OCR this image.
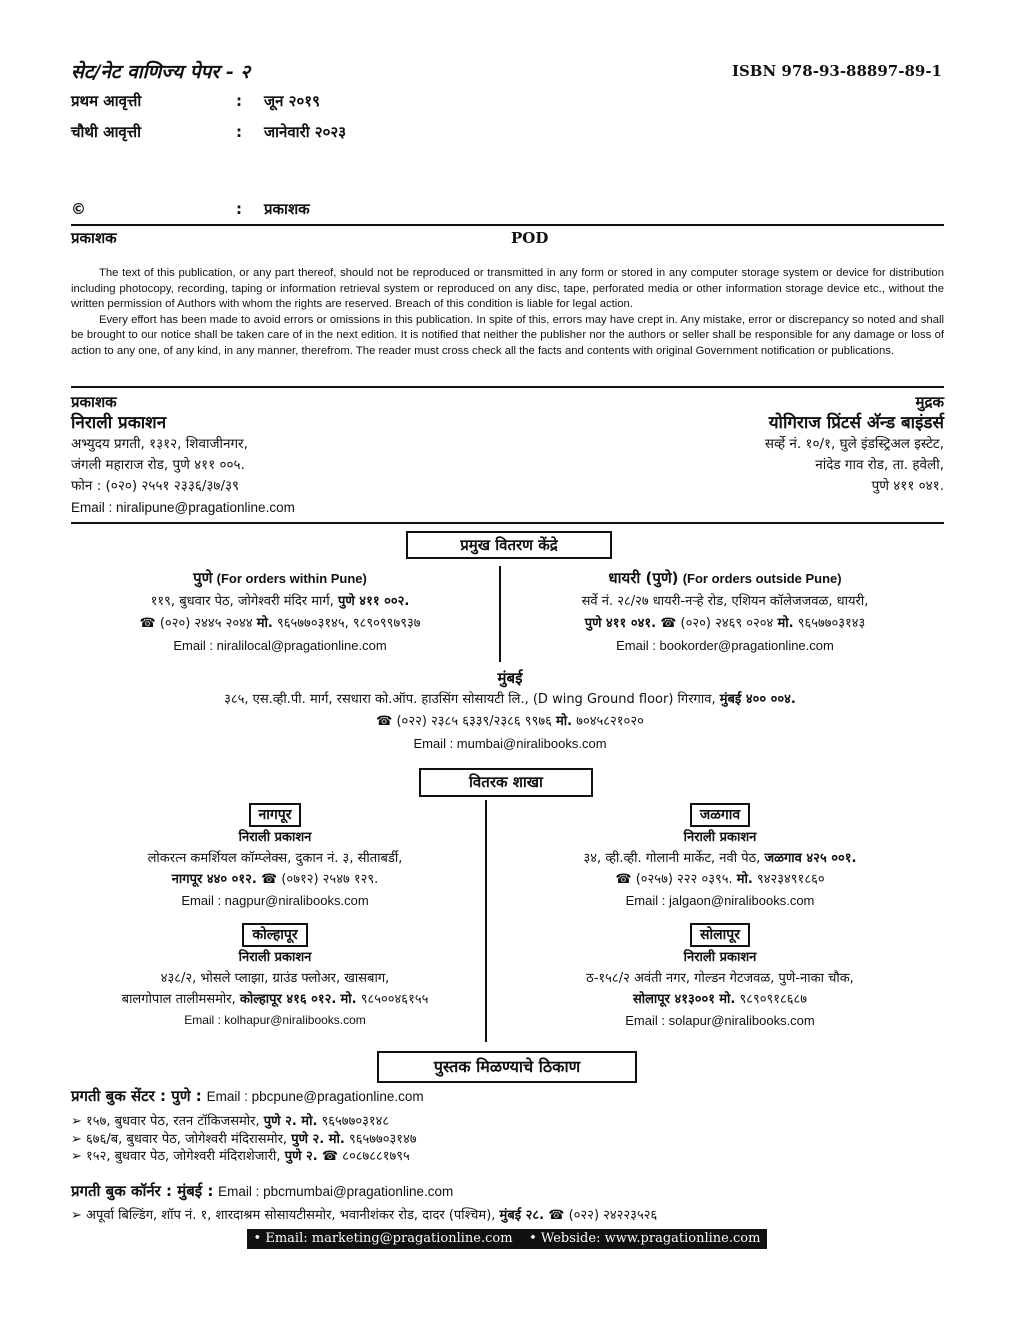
सेट/नेट वाणिज्य पेपर - २	ISBN 978-93-88897-89-1
प्रथम आवृत्ती	: जून २०१९
चौथी आवृत्ती	: जानेवारी २०२३
©	: प्रकाशक
प्रकाशक	POD

The text of this publication, or any part thereof, should not be reproduced or transmitted in any form or stored in any computer storage system or device for distribution including photocopy, recording, taping or information retrieval system or reproduced on any disc, tape, perforated media or other information storage device etc., without the written permission of Authors with whom the rights are reserved. Breach of this condition is liable for legal action.

Every effort has been made to avoid errors or omissions in this publication. In spite of this, errors may have crept in. Any mistake, error or discrepancy so noted and shall be brought to our notice shall be taken care of in the next edition. It is notified that neither the publisher nor the authors or seller shall be responsible for any damage or loss of action to any one, of any kind, in any manner, therefrom. The reader must cross check all the facts and contents with original Government notification or publications.

प्रकाशक
निराली प्रकाशन
अभ्युदय प्रगती, १३१२, शिवाजीनगर,
जंगली महाराज रोड, पुणे ४११ ००५.
फोन : (०२०) २५५१ २३३६/३७/३९
Email : niralipune@pragationline.com
मुद्रक
योगिराज प्रिंटर्स अ‍ॅन्ड बाइंडर्स
सर्व्हे नं. १०/१, घुले इंडस्ट्रिअल इस्टेट,
नांदेड गाव रोड, ता. हवेली,
पुणे ४११ ०४१.
प्रमुख वितरण केंद्रे
पुणे (For orders within Pune)
११९, बुधवार पेठ, जोगेश्वरी मंदिर मार्ग, पुणे ४११ ००२.
☎ (०२०) २४४५ २०४४ मो. ९६५७७०३१४५, ९८९०९९७९३७
Email : niralilocal@pragationline.com
धायरी (पुणे) (For orders outside Pune)
सर्वे नं. २८/२७ धायरी-नऱ्हे रोड, एशियन कॉलेजजवळ, धायरी,
पुणे ४११ ०४१. ☎ (०२०) २४६९ ०२०४ मो. ९६५७७०३१४३
Email : bookorder@pragationline.com
मुंबई
३८५, एस.व्ही.पी. मार्ग, रसधारा को.ऑप. हाउसिंग सोसायटी लि., (D wing Ground floor) गिरगाव, मुंबई ४०० ००४.
☎ (०२२) २३८५ ६३३९/२३८६ ९९७६ मो. ७०४५८२१०२०
Email : mumbai@niralibooks.com
वितरक शाखा
नागपूर
निराली प्रकाशन
लोकरत्न कमर्शियल कॉम्प्लेक्स, दुकान नं. ३, सीताबर्डी,
नागपूर ४४० ०१२. ☎ (०७१२) २५४७ १२९.
Email : nagpur@niralibooks.com
जळगाव
निराली प्रकाशन
३४, व्ही.व्ही. गोलानी मार्केट, नवी पेठ, जळगाव ४२५ ००१.
☎ (०२५७) २२२ ०३९५. मो. ९४२३४९१८६०
Email : jalgaon@niralibooks.com
कोल्हापूर
निराली प्रकाशन
४३८/२, भोसले प्लाझा, ग्राउंड फ्लोअर, खासबाग,
बालगोपाल तालीमसमोर, कोल्हापूर ४१६ ०१२. मो. ९८५००४६१५५
Email : kolhapur@niralibooks.com
सोलापूर
निराली प्रकाशन
ठ-१५८/२ अवंती नगर, गोल्डन गेटजवळ, पुणे-नाका चौक,
सोलापूर ४१३००१ मो. ९८९०९१८६८७
Email : solapur@niralibooks.com
पुस्तक मिळण्याचे ठिकाण
प्रगती बुक सेंटर : पुणे : Email : pbcpune@pragationline.com
➢ १५७, बुधवार पेठ, रतन टॉकिजसमोर, पुणे २. मो. ९६५७७०३१४८
➢ ६७६/ब, बुधवार पेठ, जोगेश्वरी मंदिरासमोर, पुणे २. मो. ९६५७७०३१४७
➢ १५२, बुधवार पेठ, जोगेश्वरी मंदिराशेजारी, पुणे २. ☎ ८०८७८८१७९५
प्रगती बुक कॉर्नर : मुंबई : Email : pbcmumbai@pragationline.com
➢ अपूर्वा बिल्डिंग, शॉप नं. १, शारदाश्रम सोसायटीसमोर, भवानीशंकर रोड, दादर (पश्चिम), मुंबई २८. ☎ (०२२) २४२२३५२६
• Email: marketing@pragationline.com • Webside: www.pragationline.com
